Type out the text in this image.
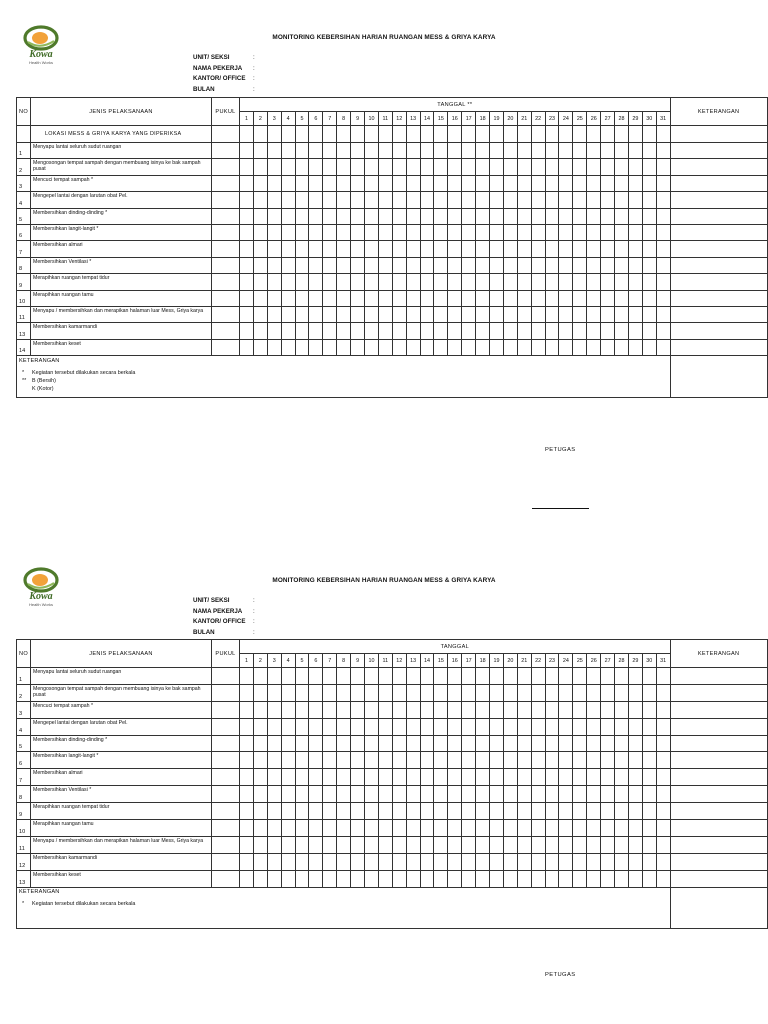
Kowa
Health Works
MONITORING KEBERSIHAN HARIAN RUANGAN MESS & GRIYA KARYA
UNIT/ SEKSI	:
NAMA PEKERJA	:
KANTOR/ OFFICE	:
BULAN	:
NO	JENIS PELAKSANAAN	PUKUL	TANGGAL **																															KETERANGAN
			1	2	3	4	5	6	7	8	9	10	11	12	13	14	15	16	17	18	19	20	21	22	23	24	25	26	27	28	29	30	31	
	LOKASI MESS & GRIYA KARYA YANG DIPERIKSA																																	
1	Menyapu lantai seluruh sudut ruangan																																	
2	Mengosongan tempat sampah dengan membuang isinya ke bak sampah pusat																																	
3	Mencuci tempat sampah *																																	
4	Mengepel lantai dengan larutan obat Pel.																																	
5	Membersihkan dinding-dinding *																																	
6	Membersihkan langit-langit *																																	
7	Membersihkan almari																																	
8	Membersihkan Ventilasi *																																	
9	Merapihkan ruangan tempat tidur																																	
10	Merapihkan ruangan tamu																																	
11	Menyapu / membersihkan dan merapikan halaman luar Mess, Griya karya																																	
13	Membersihkan kamarmandi																																	
14	Membersihkan keset																																	
KETERANGAN																																		

* Kegiatan tersebut dilakukan secara berkala
** B (Bersih)
K (Kotor)																																		
PETUGAS
Kowa
Health Works
MONITORING KEBERSIHAN HARIAN RUANGAN MESS & GRIYA KARYA
UNIT/ SEKSI	:
NAMA PEKERJA	:
KANTOR/ OFFICE	:
BULAN	:
NO	JENIS PELAKSANAAN	PUKUL	TANGGAL																															KETERANGAN
			1	2	3	4	5	6	7	8	9	10	11	12	13	14	15	16	17	18	19	20	21	22	23	24	25	26	27	28	29	30	31	
1	Menyapu lantai seluruh sudut ruangan																																	
2	Mengosongan tempat sampah dengan membuang isinya ke bak sampah pusat																																	
3	Mencuci tempat sampah *																																	
4	Mengepel lantai dengan larutan obat Pel.																																	
5	Membersihkan dinding-dinding *																																	
6	Membersihkan langit-langit *																																	
7	Membersihkan almari																																	
8	Membersihkan Ventilasi *																																	
9	Merapihkan ruangan tempat tidur																																	
10	Merapihkan ruangan tamu																																	
11	Menyapu / membersihkan dan merapikan halaman luar Mess, Griya karya																																	
12	Membersihkan kamarmandi																																	
13	Membersihkan keset																																	
KETERANGAN																																		

* Kegiatan tersebut dilakukan secara berkala																																		
PETUGAS
